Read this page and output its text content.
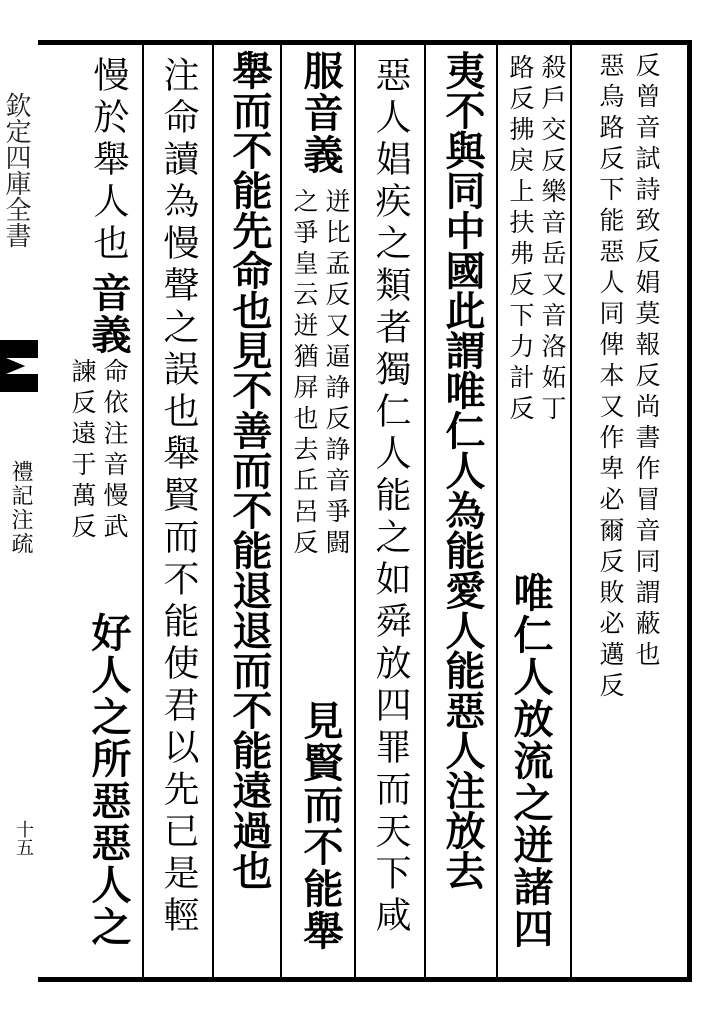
欽定四庫全書
禮記注疏
十五
反曾音試詩致反娟莫報反尚書作冒音同謂蔽也
惡烏路反下能惡人同俾本又作卑必爾反敗必邁反
殺戶交反樂音岳又音洛妬丁
路反拂戾上扶弗反下力計反
唯仁人放流之迸諸四
夷不與同中國此謂唯仁人為能愛人能惡人注放去
惡人娼疾之類者獨仁人能之如舜放四罪而天下咸
服音義
迸比孟反又逼諍反諍音爭闘
之爭皇云迸猶屏也去丘呂反
見賢而不能舉
舉而不能先命也見不善而不能退退而不能遠過也
注命讀為慢聲之誤也舉賢而不能使君以先已是輕
慢於舉人也
音義
命依注音慢武
諫反遠于萬反
好人之所惡惡人之
